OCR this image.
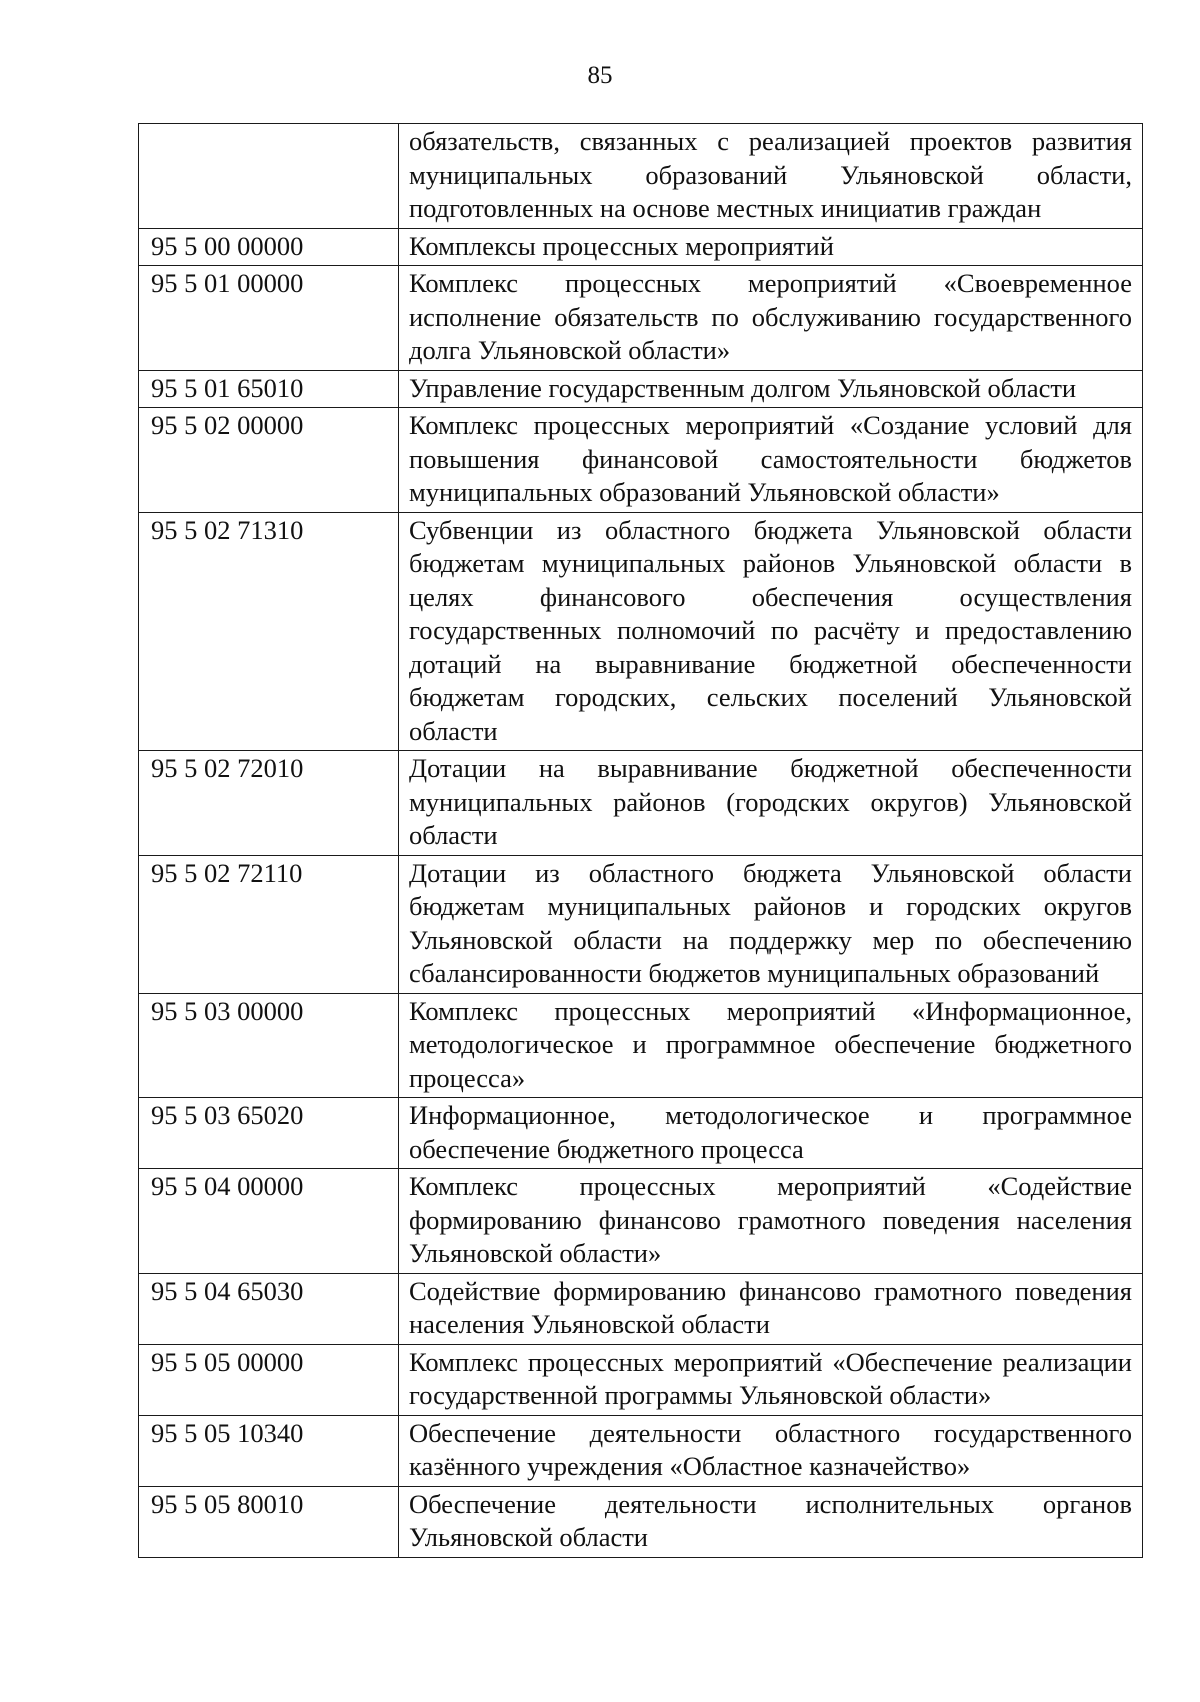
85
	обязательств, связанных с реализацией проектов развития муниципальных образований Ульяновской области, подготовленных на основе местных инициатив граждан
95 5 00 00000	Комплексы процессных мероприятий
95 5 01 00000	Комплекс процессных мероприятий «Своевременное исполнение обязательств по обслуживанию государственного долга Ульяновской области»
95 5 01 65010	Управление государственным долгом Ульяновской области
95 5 02 00000	Комплекс процессных мероприятий «Создание условий для повышения финансовой самостоятельности бюджетов муниципальных образований Ульяновской области»
95 5 02 71310	Субвенции из областного бюджета Ульяновской области бюджетам муниципальных районов Ульяновской области в целях финансового обеспечения осуществления государственных полномочий по расчёту и предоставлению дотаций на выравнивание бюджетной обеспеченности бюджетам городских, сельских поселений Ульяновской области
95 5 02 72010	Дотации на выравнивание бюджетной обеспеченности муниципальных районов (городских округов) Ульяновской области
95 5 02 72110	Дотации из областного бюджета Ульяновской области бюджетам муниципальных районов и городских округов Ульяновской области на поддержку мер по обеспечению сбалансированности бюджетов муниципальных образований
95 5 03 00000	Комплекс процессных мероприятий «Информационное, методологическое и программное обеспечение бюджетного процесса»
95 5 03 65020	Информационное, методологическое и программное обеспечение бюджетного процесса
95 5 04 00000	Комплекс процессных мероприятий «Содействие формированию финансово грамотного поведения населения Ульяновской области»
95 5 04 65030	Содействие формированию финансово грамотного поведения населения Ульяновской области
95 5 05 00000	Комплекс процессных мероприятий «Обеспечение реализации государственной программы Ульяновской области»
95 5 05 10340	Обеспечение деятельности областного государственного казённого учреждения «Областное казначейство»
95 5 05 80010	Обеспечение деятельности исполнительных органов Ульяновской области
